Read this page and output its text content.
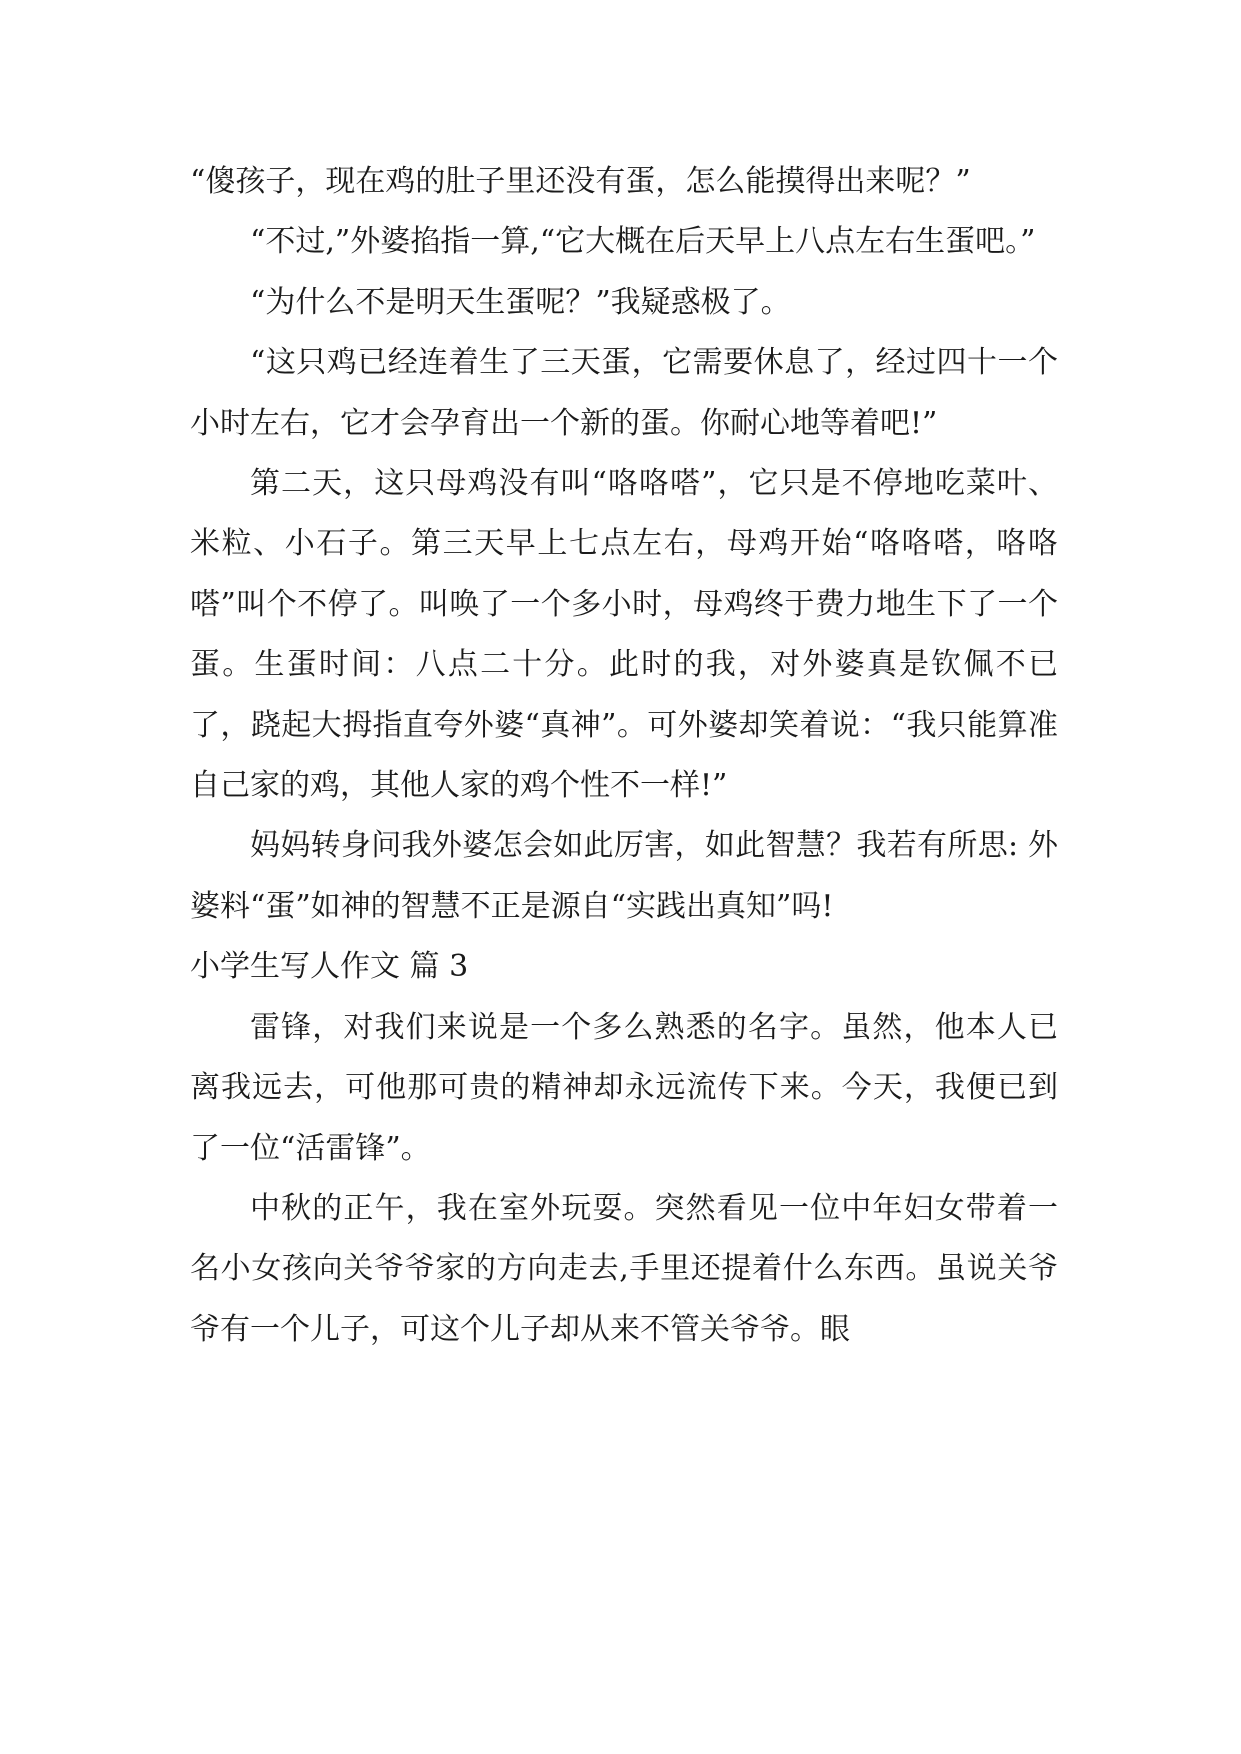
“傻孩子，现在鸡的肚子里还没有蛋，怎么能摸得出来呢？”

“不过,”外婆掐指一算,“它大概在后天早上八点左右生蛋吧。”

“为什么不是明天生蛋呢？”我疑惑极了。

“这只鸡已经连着生了三天蛋，它需要休息了，经过四十一个小时左右，它才会孕育出一个新的蛋。你耐心地等着吧!”

第二天，这只母鸡没有叫“咯咯嗒”，它只是不停地吃菜叶、米粒、小石子。第三天早上七点左右，母鸡开始“咯咯嗒，咯咯嗒”叫个不停了。叫唤了一个多小时，母鸡终于费力地生下了一个蛋。生蛋时间：八点二十分。此时的我，对外婆真是钦佩不已了，跷起大拇指直夸外婆“真神”。可外婆却笑着说：“我只能算准自己家的鸡，其他人家的鸡个性不一样!”

妈妈转身问我外婆怎会如此厉害，如此智慧？我若有所思: 外婆料“蛋”如神的智慧不正是源自“实践出真知”吗!

小学生写人作文 篇 3

雷锋，对我们来说是一个多么熟悉的名字。虽然，他本人已离我远去，可他那可贵的精神却永远流传下来。今天，我便已到了一位“活雷锋”。

中秋的正午，我在室外玩耍。突然看见一位中年妇女带着一名小女孩向关爷爷家的方向走去,手里还提着什么东西。虽说关爷爷有一个儿子，可这个儿子却从来不管关爷爷。眼
